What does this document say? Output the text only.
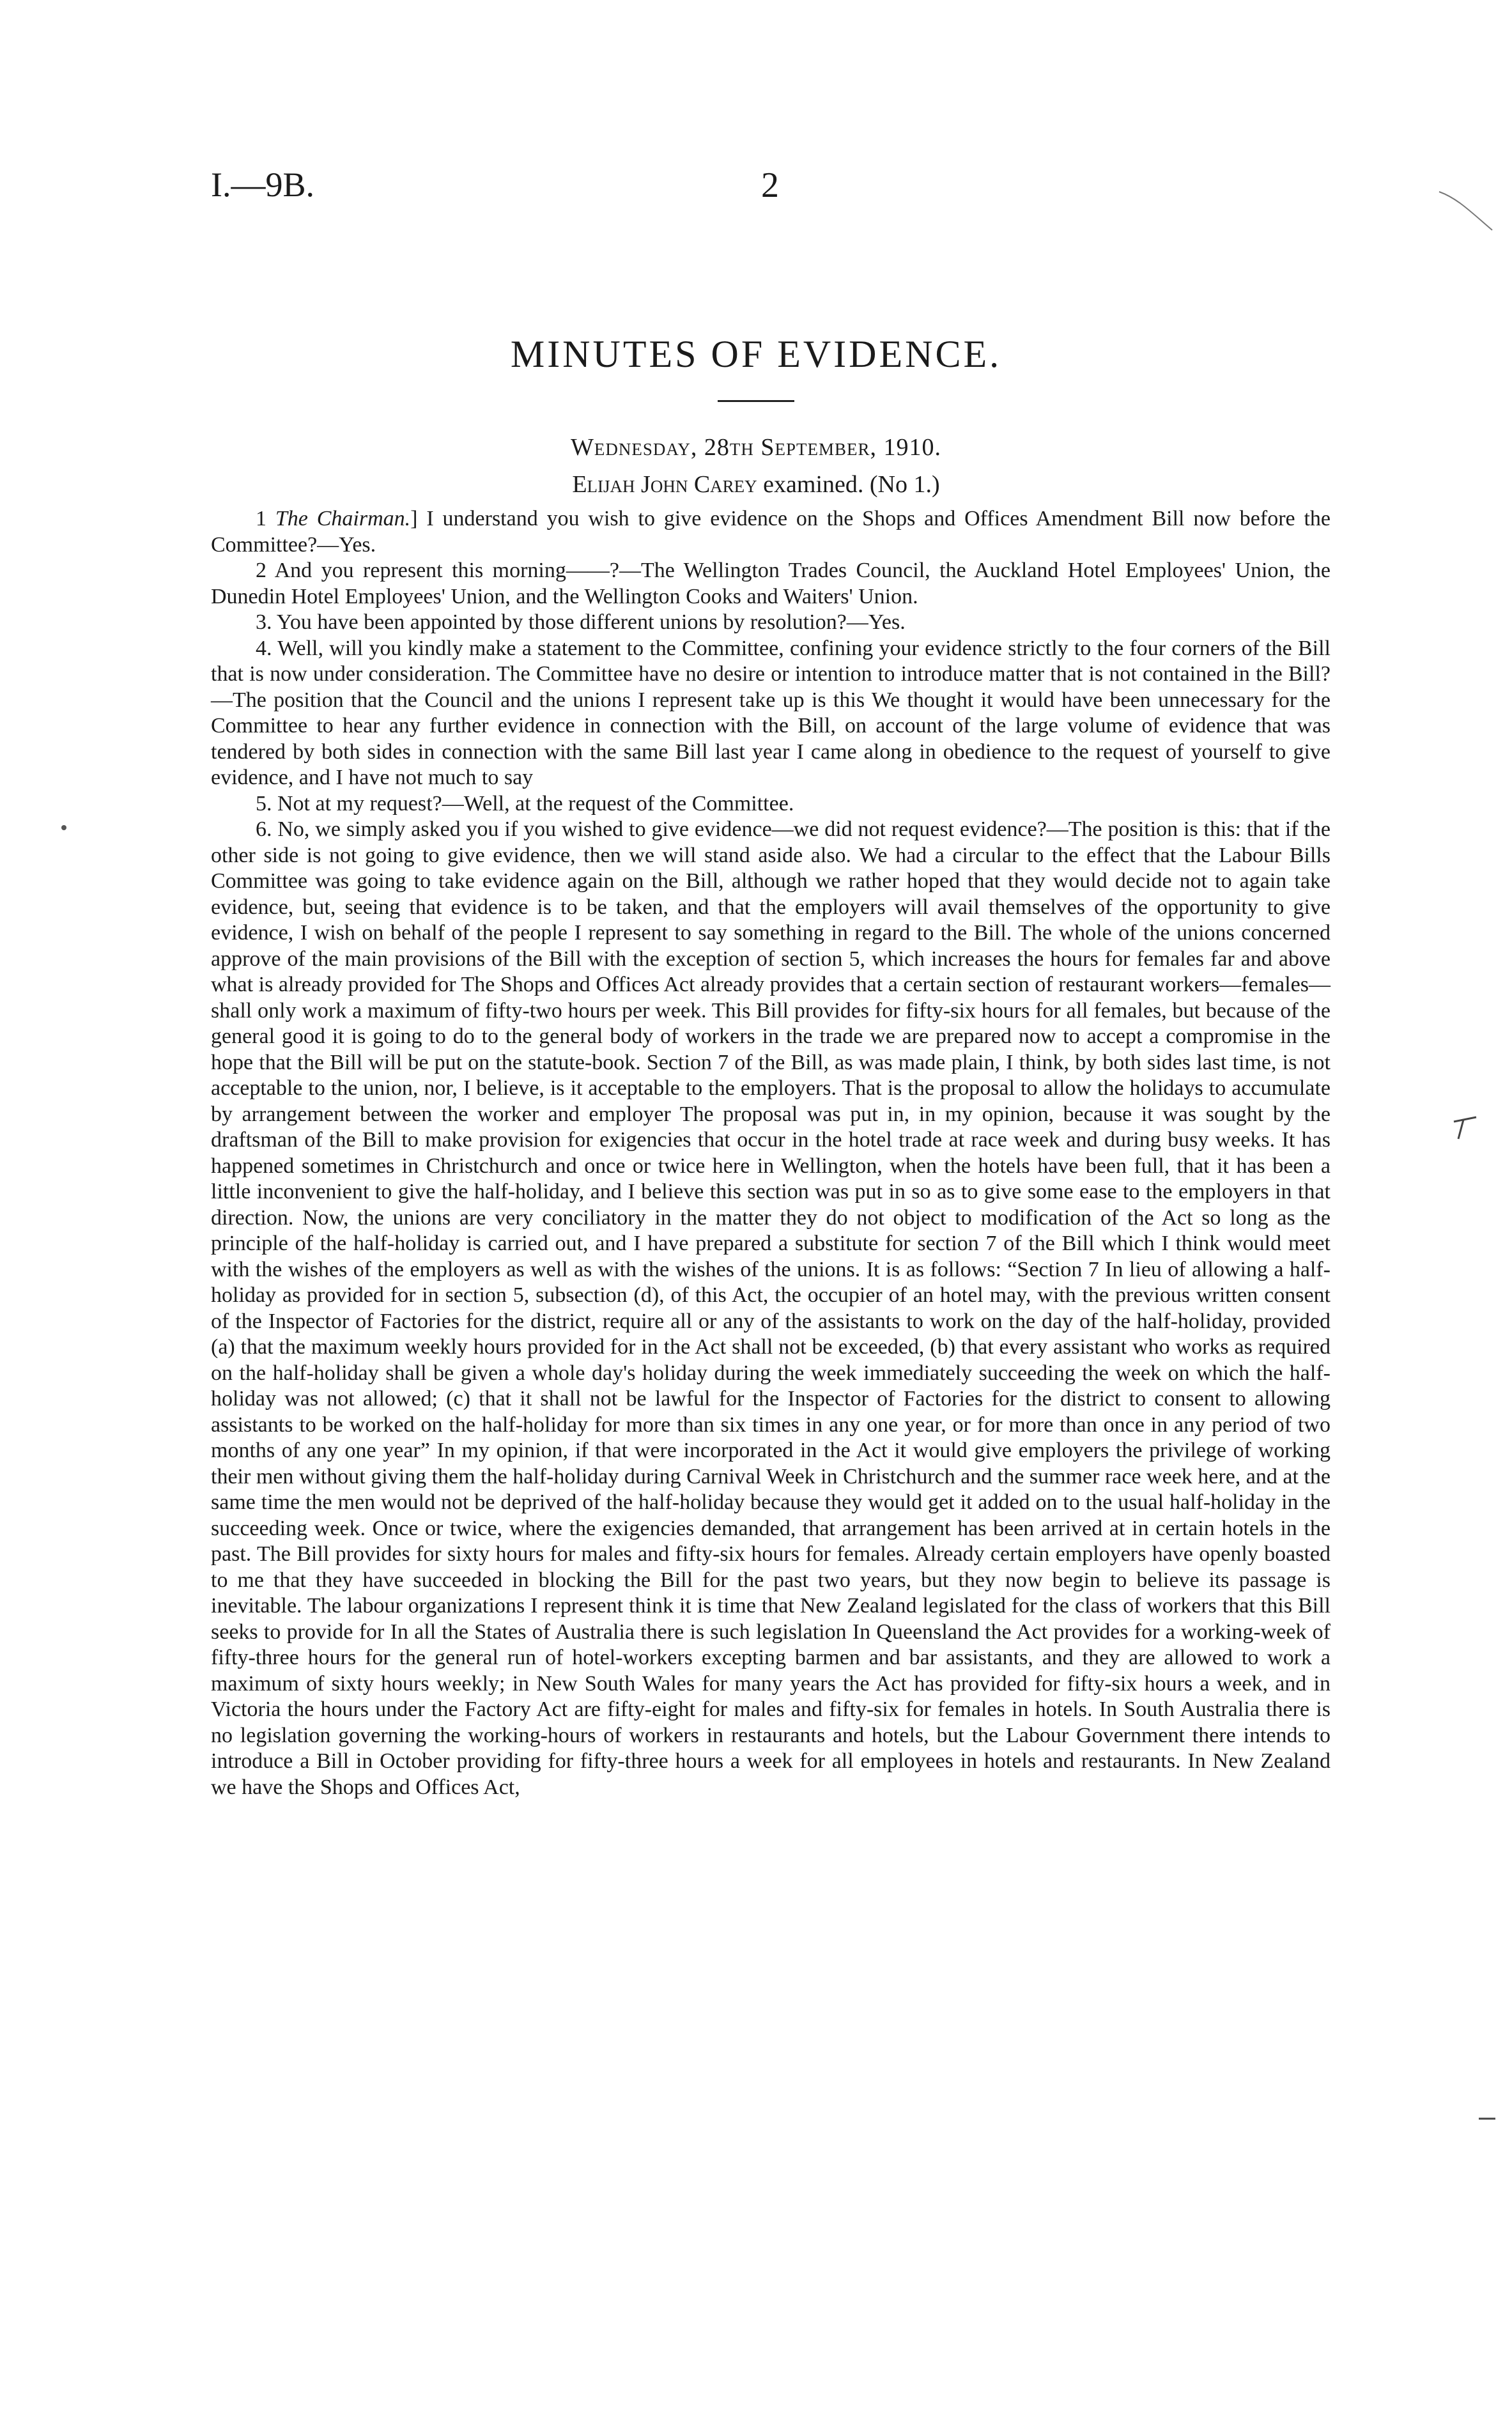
I.—9B.	2
MINUTES OF EVIDENCE.
Wednesday, 28th September, 1910.
Elijah John Carey examined. (No 1.)

1 The Chairman.] I understand you wish to give evidence on the Shops and Offices Amendment Bill now before the Committee?—Yes.

2 And you represent this morning——?—The Wellington Trades Council, the Auckland Hotel Employees' Union, the Dunedin Hotel Employees' Union, and the Wellington Cooks and Waiters' Union.

3. You have been appointed by those different unions by resolution?—Yes.

4. Well, will you kindly make a statement to the Committee, confining your evidence strictly to the four corners of the Bill that is now under consideration. The Committee have no desire or intention to introduce matter that is not contained in the Bill?—The position that the Council and the unions I represent take up is this We thought it would have been unnecessary for the Committee to hear any further evidence in connection with the Bill, on account of the large volume of evidence that was tendered by both sides in connection with the same Bill last year I came along in obedience to the request of yourself to give evidence, and I have not much to say

5. Not at my request?—Well, at the request of the Committee.

6. No, we simply asked you if you wished to give evidence—we did not request evidence?—The position is this: that if the other side is not going to give evidence, then we will stand aside also. We had a circular to the effect that the Labour Bills Committee was going to take evidence again on the Bill, although we rather hoped that they would decide not to again take evidence, but, seeing that evidence is to be taken, and that the employers will avail themselves of the opportunity to give evidence, I wish on behalf of the people I represent to say something in regard to the Bill. The whole of the unions concerned approve of the main provisions of the Bill with the exception of section 5, which increases the hours for females far and above what is already provided for The Shops and Offices Act already provides that a certain section of restaurant workers—females—shall only work a maximum of fifty-two hours per week. This Bill provides for fifty-six hours for all females, but because of the general good it is going to do to the general body of workers in the trade we are prepared now to accept a compromise in the hope that the Bill will be put on the statute-book. Section 7 of the Bill, as was made plain, I think, by both sides last time, is not acceptable to the union, nor, I believe, is it acceptable to the employers. That is the proposal to allow the holidays to accumulate by arrangement between the worker and employer The proposal was put in, in my opinion, because it was sought by the draftsman of the Bill to make provision for exigencies that occur in the hotel trade at race week and during busy weeks. It has happened sometimes in Christchurch and once or twice here in Wellington, when the hotels have been full, that it has been a little inconvenient to give the half-holiday, and I believe this section was put in so as to give some ease to the employers in that direction. Now, the unions are very conciliatory in the matter they do not object to modification of the Act so long as the principle of the half-holiday is carried out, and I have prepared a substitute for section 7 of the Bill which I think would meet with the wishes of the employers as well as with the wishes of the unions. It is as follows: “Section 7 In lieu of allowing a half-holiday as provided for in section 5, subsection (d), of this Act, the occupier of an hotel may, with the previous written consent of the Inspector of Factories for the district, require all or any of the assistants to work on the day of the half-holiday, provided (a) that the maximum weekly hours provided for in the Act shall not be exceeded, (b) that every assistant who works as required on the half-holiday shall be given a whole day's holiday during the week immediately succeeding the week on which the half-holiday was not allowed; (c) that it shall not be lawful for the Inspector of Factories for the district to consent to allowing assistants to be worked on the half-holiday for more than six times in any one year, or for more than once in any period of two months of any one year” In my opinion, if that were incorporated in the Act it would give employers the privilege of working their men without giving them the half-holiday during Carnival Week in Christchurch and the summer race week here, and at the same time the men would not be deprived of the half-holiday because they would get it added on to the usual half-holiday in the succeeding week. Once or twice, where the exigencies demanded, that arrangement has been arrived at in certain hotels in the past. The Bill provides for sixty hours for males and fifty-six hours for females. Already certain employers have openly boasted to me that they have succeeded in blocking the Bill for the past two years, but they now begin to believe its passage is inevitable. The labour organizations I represent think it is time that New Zealand legislated for the class of workers that this Bill seeks to provide for In all the States of Australia there is such legislation In Queensland the Act provides for a working-week of fifty-three hours for the general run of hotel-workers excepting barmen and bar assistants, and they are allowed to work a maximum of sixty hours weekly; in New South Wales for many years the Act has provided for fifty-six hours a week, and in Victoria the hours under the Factory Act are fifty-eight for males and fifty-six for females in hotels. In South Australia there is no legislation governing the working-hours of workers in restaurants and hotels, but the Labour Government there intends to introduce a Bill in October providing for fifty-three hours a week for all employees in hotels and restaurants. In New Zealand we have the Shops and Offices Act,
